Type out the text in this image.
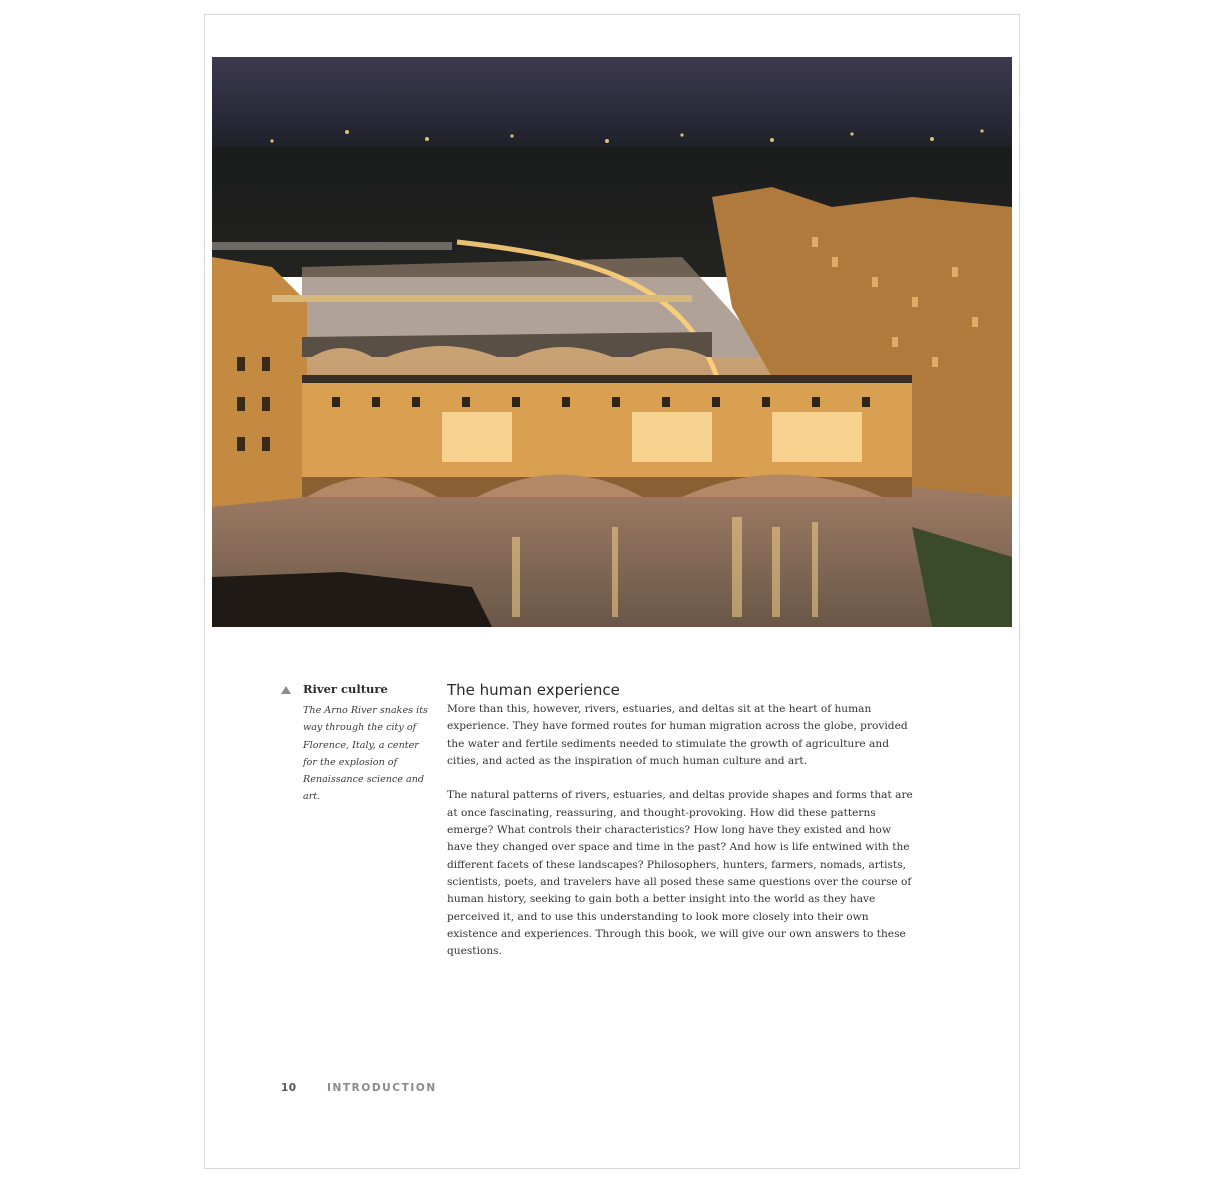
River culture
The Arno River snakes its way through the city of Florence, Italy, a center for the explosion of Renaissance science and art.
The human experience

More than this, however, rivers, estuaries, and deltas sit at the heart of human experience. They have formed routes for human migration across the globe, provided the water and fertile sediments needed to stimulate the growth of agriculture and cities, and acted as the inspiration of much human culture and art.

The natural patterns of rivers, estuaries, and deltas provide shapes and forms that are at once fascinating, reassuring, and thought-provoking. How did these patterns emerge? What controls their characteristics? How long have they existed and how have they changed over space and time in the past? And how is life entwined with the different facets of these landscapes? Philosophers, hunters, farmers, nomads, artists, scientists, poets, and travelers have all posed these same questions over the course of human history, seeking to gain both a better insight into the world as they have perceived it, and to use this understanding to look more closely into their own existence and experiences. Through this book, we will give our own answers to these questions.

10	INTRODUCTION
